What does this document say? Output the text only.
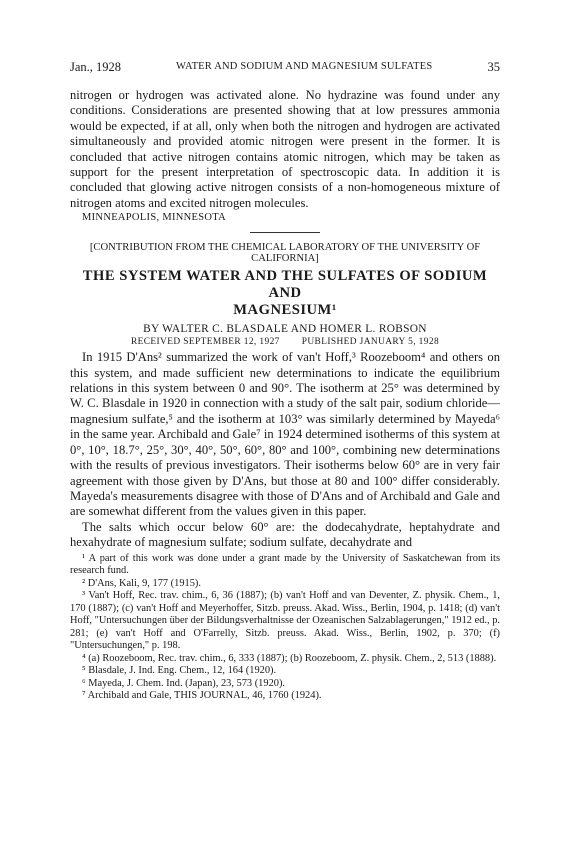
Jan., 1928	WATER AND SODIUM AND MAGNESIUM SULFATES	35

nitrogen or hydrogen was activated alone. No hydrazine was found under any conditions. Considerations are presented showing that at low pressures ammonia would be expected, if at all, only when both the nitrogen and hydrogen are activated simultaneously and provided atomic nitrogen were present in the former. It is concluded that active nitrogen contains atomic nitrogen, which may be taken as support for the present interpretation of spectroscopic data. In addition it is concluded that glowing active nitrogen consists of a non-homogeneous mixture of nitrogen atoms and excited nitrogen molecules.

MINNEAPOLIS, MINNESOTA
[CONTRIBUTION FROM THE CHEMICAL LABORATORY OF THE UNIVERSITY OF CALIFORNIA]
THE SYSTEM WATER AND THE SULFATES OF SODIUM AND
MAGNESIUM¹
BY WALTER C. BLASDALE AND HOMER L. ROBSON
RECEIVED SEPTEMBER 12, 1927 PUBLISHED JANUARY 5, 1928

In 1915 D'Ans² summarized the work of van't Hoff,³ Roozeboom⁴ and others on this system, and made sufficient new determinations to indicate the equilibrium relations in this system between 0 and 90°. The isotherm at 25° was determined by W. C. Blasdale in 1920 in connection with a study of the salt pair, sodium chloride—magnesium sulfate,⁵ and the isotherm at 103° was similarly determined by Mayeda⁶ in the same year. Archibald and Gale⁷ in 1924 determined isotherms of this system at 0°, 10°, 18.7°, 25°, 30°, 40°, 50°, 60°, 80° and 100°, combining new determinations with the results of previous investigators. Their isotherms below 60° are in very fair agreement with those given by D'Ans, but those at 80 and 100° differ considerably. Mayeda's measurements disagree with those of D'Ans and of Archibald and Gale and are somewhat different from the values given in this paper.

The salts which occur below 60° are: the dodecahydrate, heptahydrate and hexahydrate of magnesium sulfate; sodium sulfate, decahydrate and

¹ A part of this work was done under a grant made by the University of Saskatchewan from its research fund.

² D'Ans, Kali, 9, 177 (1915).

³ Van't Hoff, Rec. trav. chim., 6, 36 (1887); (b) van't Hoff and van Deventer, Z. physik. Chem., 1, 170 (1887); (c) van't Hoff and Meyerhoffer, Sitzb. preuss. Akad. Wiss., Berlin, 1904, p. 1418; (d) van't Hoff, "Untersuchungen über der Bildungsverhaltnisse der Ozeanischen Salzablagerungen," 1912 ed., p. 281; (e) van't Hoff and O'Farrelly, Sitzb. preuss. Akad. Wiss., Berlin, 1902, p. 370; (f) "Untersuchungen," p. 198.

⁴ (a) Roozeboom, Rec. trav. chim., 6, 333 (1887); (b) Roozeboom, Z. physik. Chem., 2, 513 (1888).

⁵ Blasdale, J. Ind. Eng. Chem., 12, 164 (1920).

⁶ Mayeda, J. Chem. Ind. (Japan), 23, 573 (1920).

⁷ Archibald and Gale, THIS JOURNAL, 46, 1760 (1924).
